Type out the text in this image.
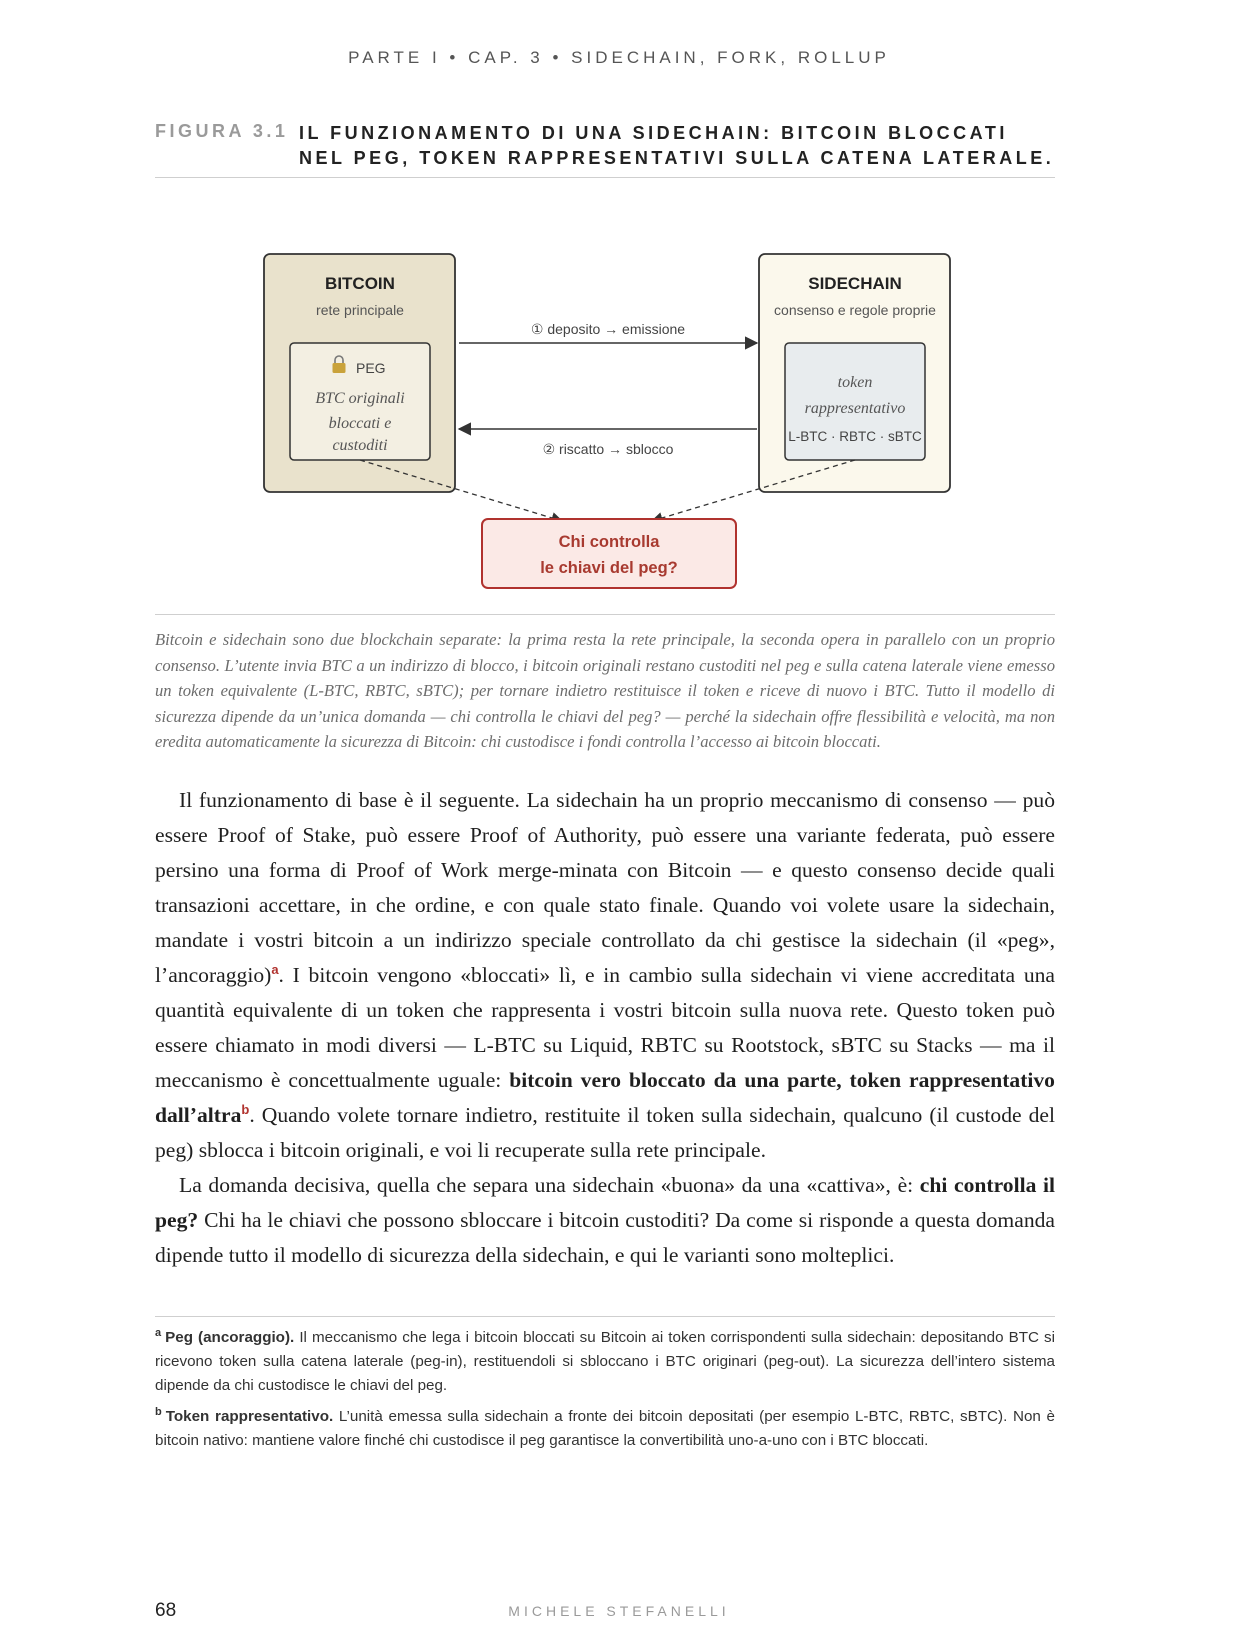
PARTE I • CAP. 3 • SIDECHAIN, FORK, ROLLUP
FIGURA 3.1 IL FUNZIONAMENTO DI UNA SIDECHAIN: BITCOIN BLOCCATI NEL PEG, TOKEN RAPPRESENTATIVI SULLA CATENA LATERALE.
BITCOIN
rete principale
PEG
BTC originali
bloccati e
custoditi
SIDECHAIN
consenso e regole proprie
token
rappresentativo
L-BTC · RBTC · sBTC
① deposito → emissione
② riscatto → sblocco
Chi controlla
le chiavi del peg?
Bitcoin e sidechain sono due blockchain separate: la prima resta la rete principale, la seconda opera in parallelo con un proprio consenso. L’utente invia BTC a un indirizzo di blocco, i bitcoin originali restano custoditi nel peg e sulla catena laterale viene emesso un token equivalente (L-BTC, RBTC, sBTC); per tornare indietro restituisce il token e riceve di nuovo i BTC. Tutto il modello di sicurezza dipende da un’unica domanda — chi controlla le chiavi del peg? — perché la sidechain offre flessibilità e velocità, ma non eredita automaticamente la sicurezza di Bitcoin: chi custodisce i fondi controlla l’accesso ai bitcoin bloccati.

Il funzionamento di base è il seguente. La sidechain ha un proprio meccanismo di consenso — può essere Proof of Stake, può essere Proof of Authority, può essere una variante federata, può essere persino una forma di Proof of Work merge-minata con Bitcoin — e questo consenso decide quali transazioni accettare, in che ordine, e con quale stato finale. Quando voi volete usare la sidechain, mandate i vostri bitcoin a un indirizzo speciale controllato da chi gestisce la sidechain (il «peg», l’ancoraggio)$^a$. I bitcoin vengono «bloccati» lì, e in cambio sulla sidechain vi viene accreditata una quantità equivalente di un token che rappresenta i vostri bitcoin sulla nuova rete. Questo token può essere chiamato in modi diversi — L-BTC su Liquid, RBTC su Rootstock, sBTC su Stacks — ma il meccanismo è concettualmente uguale: bitcoin vero bloccato da una parte, token rappresentativo dall’altra$^b$. Quando volete tornare indietro, restituite il token sulla sidechain, qualcuno (il custode del peg) sblocca i bitcoin originali, e voi li recuperate sulla rete principale.

La domanda decisiva, quella che separa una sidechain «buona» da una «cattiva», è: chi controlla il peg? Chi ha le chiavi che possono sbloccare i bitcoin custoditi? Da come si risponde a questa domanda dipende tutto il modello di sicurezza della sidechain, e qui le varianti sono molteplici.

$^a$ Peg (ancoraggio). Il meccanismo che lega i bitcoin bloccati su Bitcoin ai token corrispondenti sulla sidechain: depositando BTC si ricevono token sulla catena laterale (peg-in), restituendoli si sbloccano i BTC originari (peg-out). La sicurezza dell’intero sistema dipende da chi custodisce le chiavi del peg.

$^b$ Token rappresentativo. L’unità emessa sulla sidechain a fronte dei bitcoin depositati (per esempio L-BTC, RBTC, sBTC). Non è bitcoin nativo: mantiene valore finché chi custodisce il peg garantisce la convertibilità uno-a-uno con i BTC bloccati.

68	MICHELE STEFANELLI
